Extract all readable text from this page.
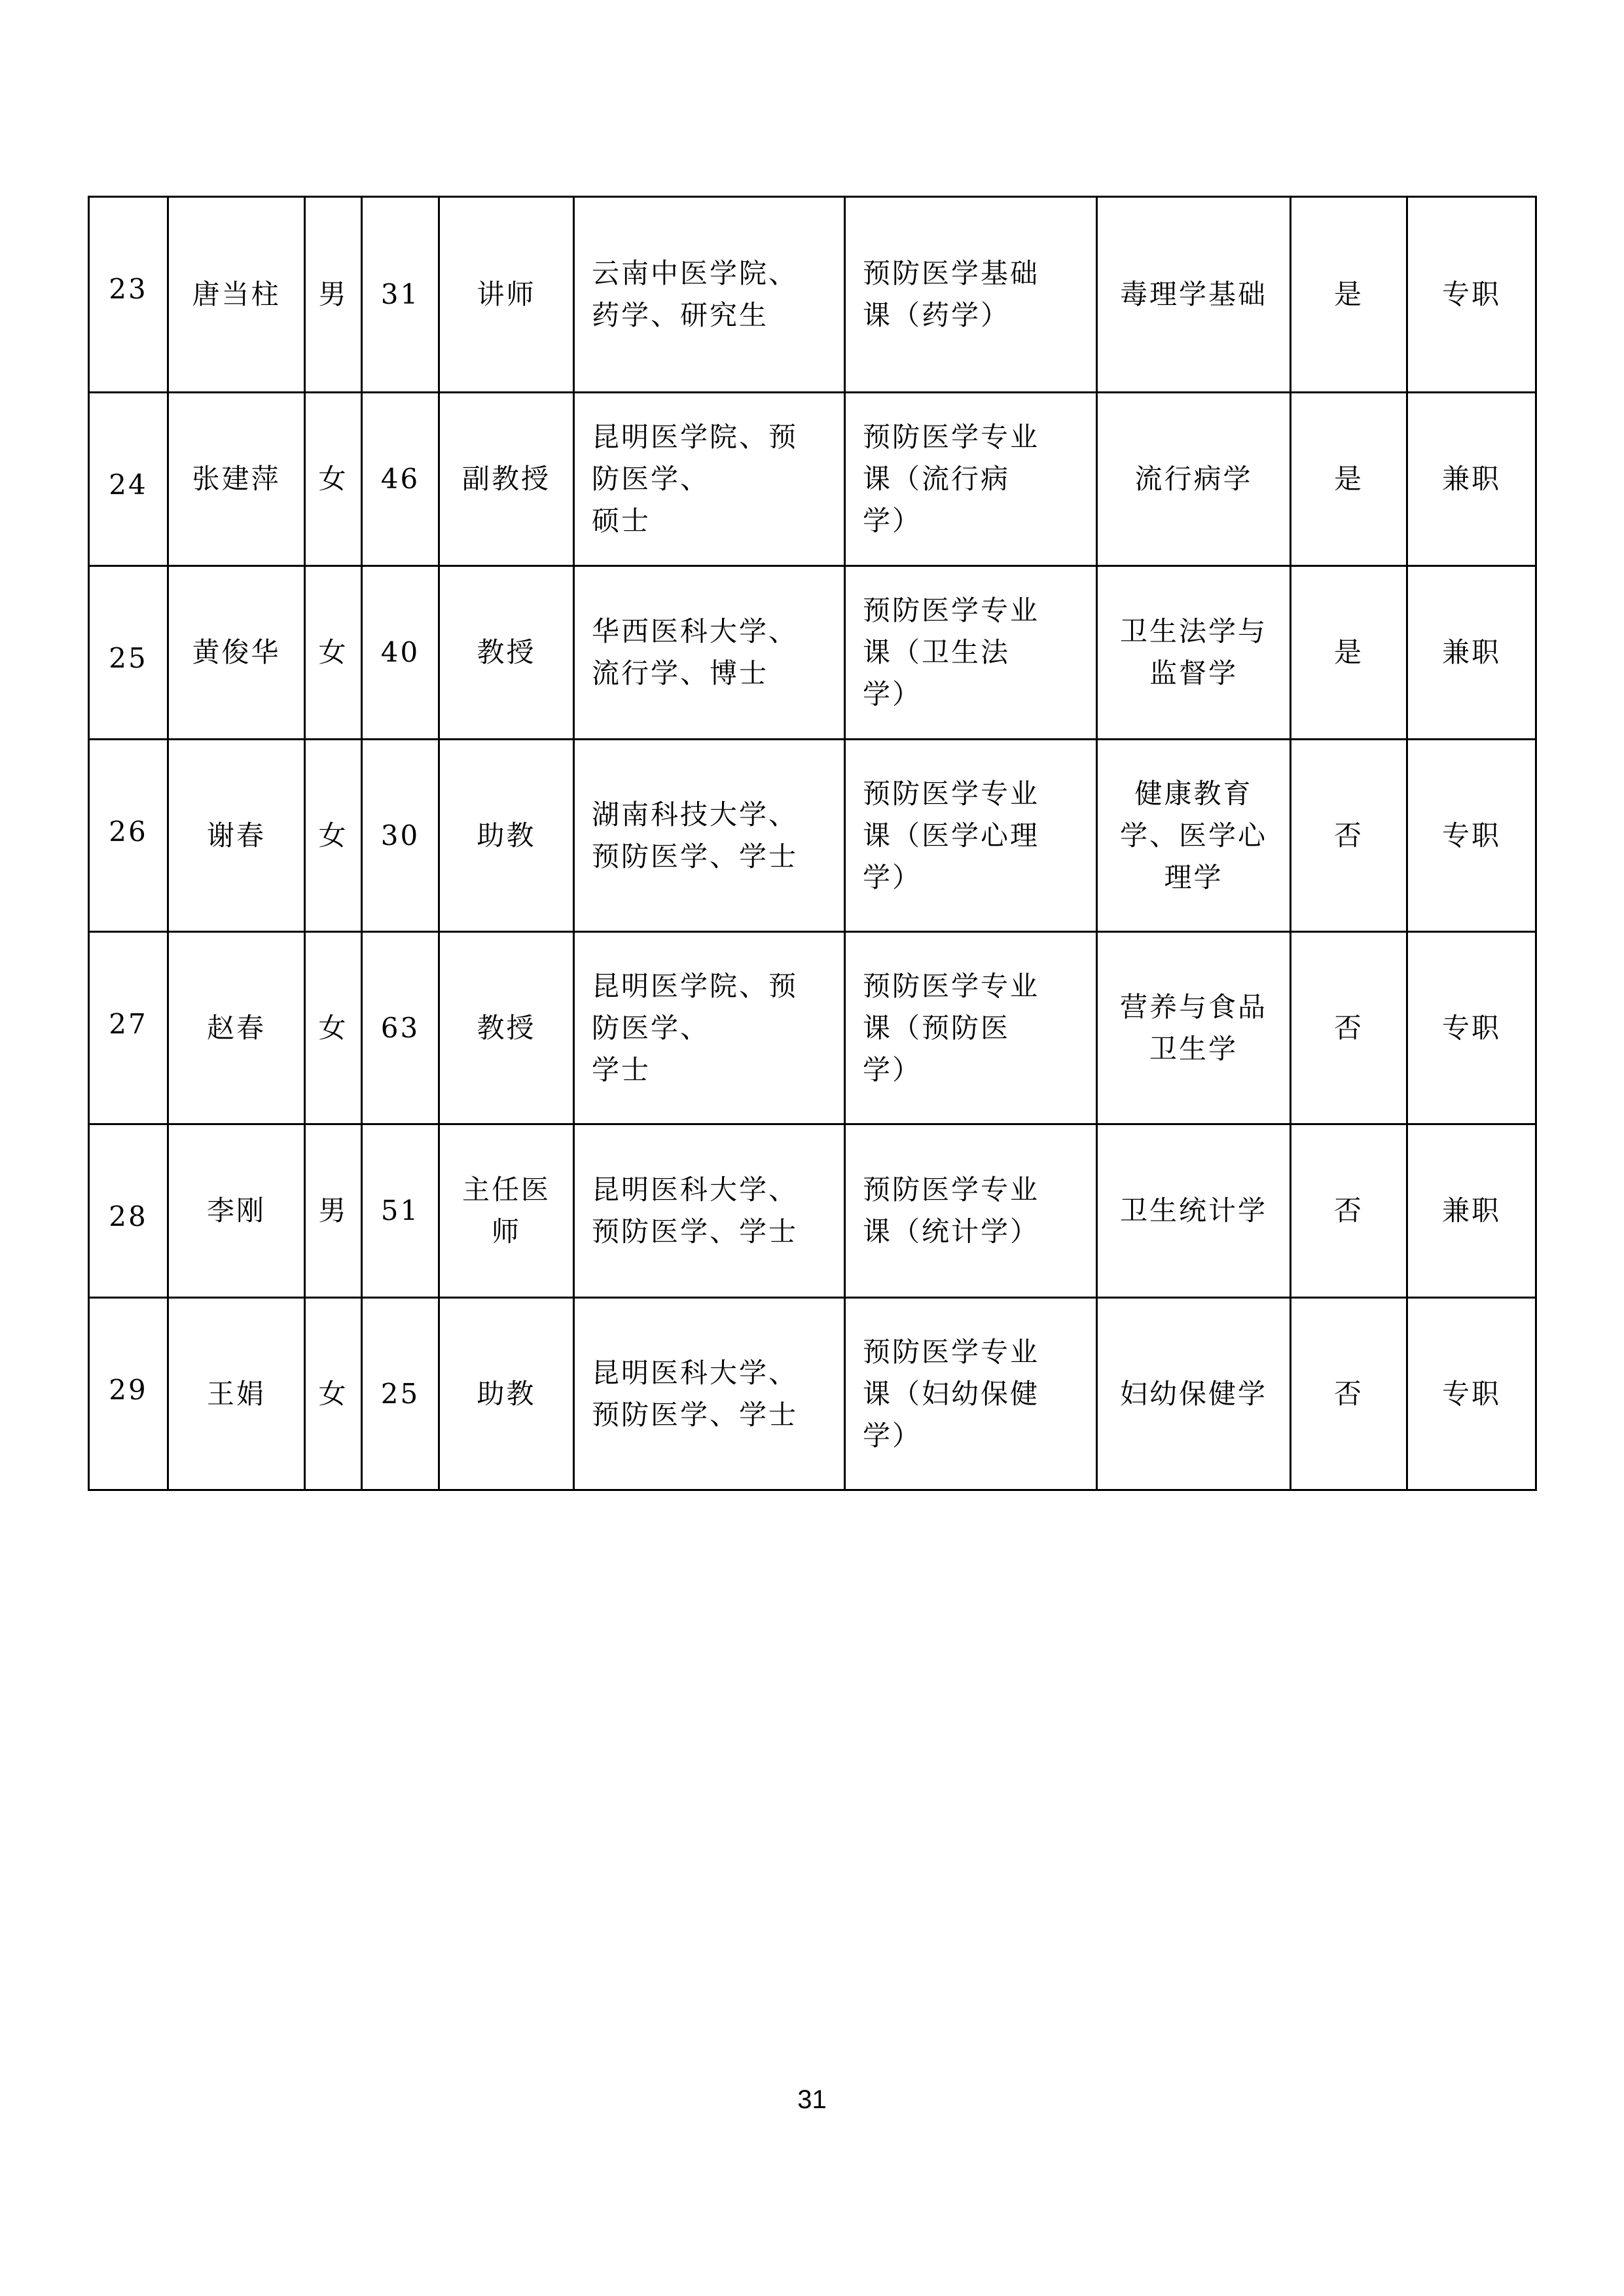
23	唐当柱	男	31	讲师	云南中医学院、
药学、研究生	预防医学基础
课（药学）	毒理学基础	是	专职

24	张建萍	女	46	副教授	昆明医学院、预
防医学、
硕士	预防医学专业
课（流行病
学）	流行病学	是	兼职

25	黄俊华	女	40	教授	华西医科大学、
流行学、博士	预防医学专业
课（卫生法
学）	卫生法学与
监督学	是	兼职

26	谢春	女	30	助教	湖南科技大学、
预防医学、学士	预防医学专业
课（医学心理
学）	健康教育
学、医学心
理学	否	专职

27	赵春	女	63	教授	昆明医学院、预
防医学、
学士	预防医学专业
课（预防医
学）	营养与食品
卫生学	否	专职

28	李刚	男	51	主任医
师	昆明医科大学、
预防医学、学士	预防医学专业
课（统计学）	卫生统计学	否	兼职

29	王娟	女	25	助教	昆明医科大学、
预防医学、学士	预防医学专业
课（妇幼保健
学）	妇幼保健学	否	专职
31
